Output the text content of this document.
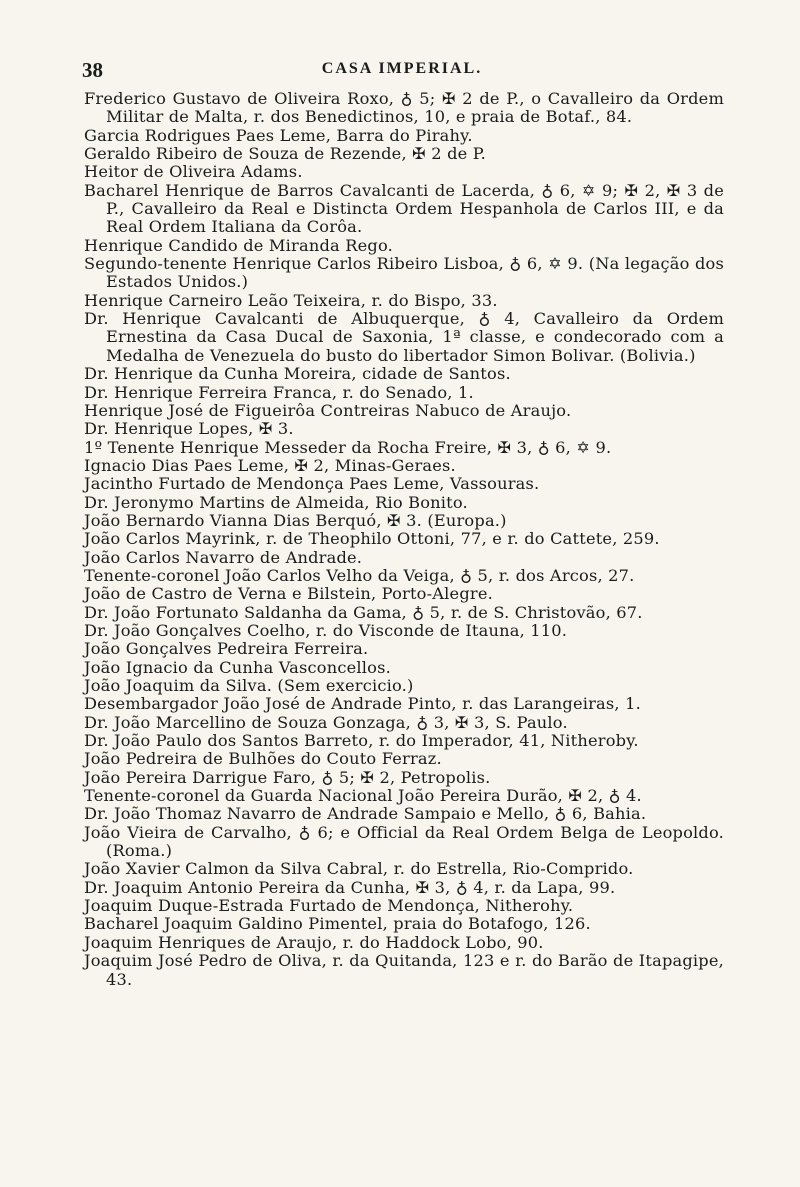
38	CASA IMPERIAL.

Frederico Gustavo de Oliveira Roxo, ♁ 5; ✠ 2 de P., o Cavalleiro da Ordem Militar de Malta, r. dos Benedictinos, 10, e praia de Botaf., 84.

Garcia Rodrigues Paes Leme, Barra do Pirahy.

Geraldo Ribeiro de Souza de Rezende, ✠ 2 de P.

Heitor de Oliveira Adams.

Bacharel Henrique de Barros Cavalcanti de Lacerda, ♁ 6, ✡ 9; ✠ 2, ✠ 3 de P., Cavalleiro da Real e Distincta Ordem Hespanhola de Carlos III, e da Real Ordem Italiana da Corôa.

Henrique Candido de Miranda Rego.

Segundo-tenente Henrique Carlos Ribeiro Lisboa, ♁ 6, ✡ 9. (Na legação dos Estados Unidos.)

Henrique Carneiro Leão Teixeira, r. do Bispo, 33.

Dr. Henrique Cavalcanti de Albuquerque, ♁ 4, Cavalleiro da Ordem Ernestina da Casa Ducal de Saxonia, 1ª classe, e condecorado com a Medalha de Venezuela do busto do libertador Simon Bolivar. (Bolivia.)

Dr. Henrique da Cunha Moreira, cidade de Santos.

Dr. Henrique Ferreira Franca, r. do Senado, 1.

Henrique José de Figueirôa Contreiras Nabuco de Araujo.

Dr. Henrique Lopes, ✠ 3.

1º Tenente Henrique Messeder da Rocha Freire, ✠ 3, ♁ 6, ✡ 9.

Ignacio Dias Paes Leme, ✠ 2, Minas-Geraes.

Jacintho Furtado de Mendonça Paes Leme, Vassouras.

Dr. Jeronymo Martins de Almeida, Rio Bonito.

João Bernardo Vianna Dias Berquó, ✠ 3. (Europa.)

João Carlos Mayrink, r. de Theophilo Ottoni, 77, e r. do Cattete, 259.

João Carlos Navarro de Andrade.

Tenente-coronel João Carlos Velho da Veiga, ♁ 5, r. dos Arcos, 27.

João de Castro de Verna e Bilstein, Porto-Alegre.

Dr. João Fortunato Saldanha da Gama, ♁ 5, r. de S. Christovão, 67.

Dr. João Gonçalves Coelho, r. do Visconde de Itauna, 110.

João Gonçalves Pedreira Ferreira.

João Ignacio da Cunha Vasconcellos.

João Joaquim da Silva. (Sem exercicio.)

Desembargador João José de Andrade Pinto, r. das Larangeiras, 1.

Dr. João Marcellino de Souza Gonzaga, ♁ 3, ✠ 3, S. Paulo.

Dr. João Paulo dos Santos Barreto, r. do Imperador, 41, Nitheroby.

João Pedreira de Bulhões do Couto Ferraz.

João Pereira Darrigue Faro, ♁ 5; ✠ 2, Petropolis.

Tenente-coronel da Guarda Nacional João Pereira Durão, ✠ 2, ♁ 4.

Dr. João Thomaz Navarro de Andrade Sampaio e Mello, ♁ 6, Bahia.

João Vieira de Carvalho, ♁ 6; e Official da Real Ordem Belga de Leopoldo. (Roma.)

João Xavier Calmon da Silva Cabral, r. do Estrella, Rio-Comprido.

Dr. Joaquim Antonio Pereira da Cunha, ✠ 3, ♁ 4, r. da Lapa, 99.

Joaquim Duque-Estrada Furtado de Mendonça, Nitherohy.

Bacharel Joaquim Galdino Pimentel, praia do Botafogo, 126.

Joaquim Henriques de Araujo, r. do Haddock Lobo, 90.

Joaquim José Pedro de Oliva, r. da Quitanda, 123 e r. do Barão de Itapagipe, 43.
